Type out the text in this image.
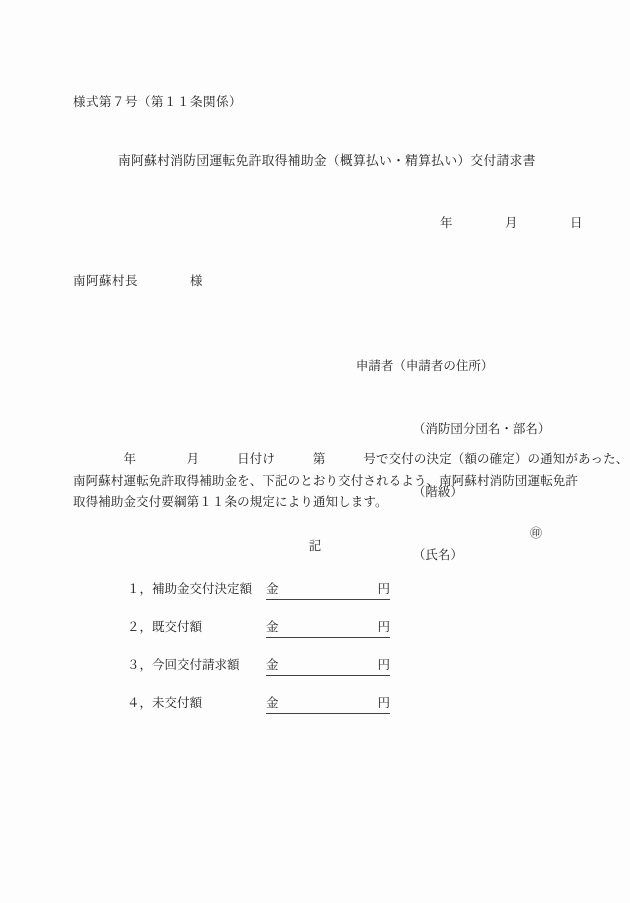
様式第７号（第１１条関係）
南阿蘇村消防団運転免許取得補助金（概算払い・精算払い）交付請求書
年　　　　月　　　　日
南阿蘇村長　　　　様

申請者（申請者の住所）

（消防団分団名・部名）

（階級）

（氏名）

㊞

　　　　年　　　　月　　　日付け　　　第　　　号で交付の決定（額の確定）の通知があった、
南阿蘇村運転免許取得補助金を、下記のとおり交付されるよう、南阿蘇村消防団運転免許
取得補助金交付要綱第１１条の規定により通知します。
記
１，補助金交付決定額 金	円
２，既交付額	金	円
３，今回交付請求額 金	円
４，未交付額	金	円
